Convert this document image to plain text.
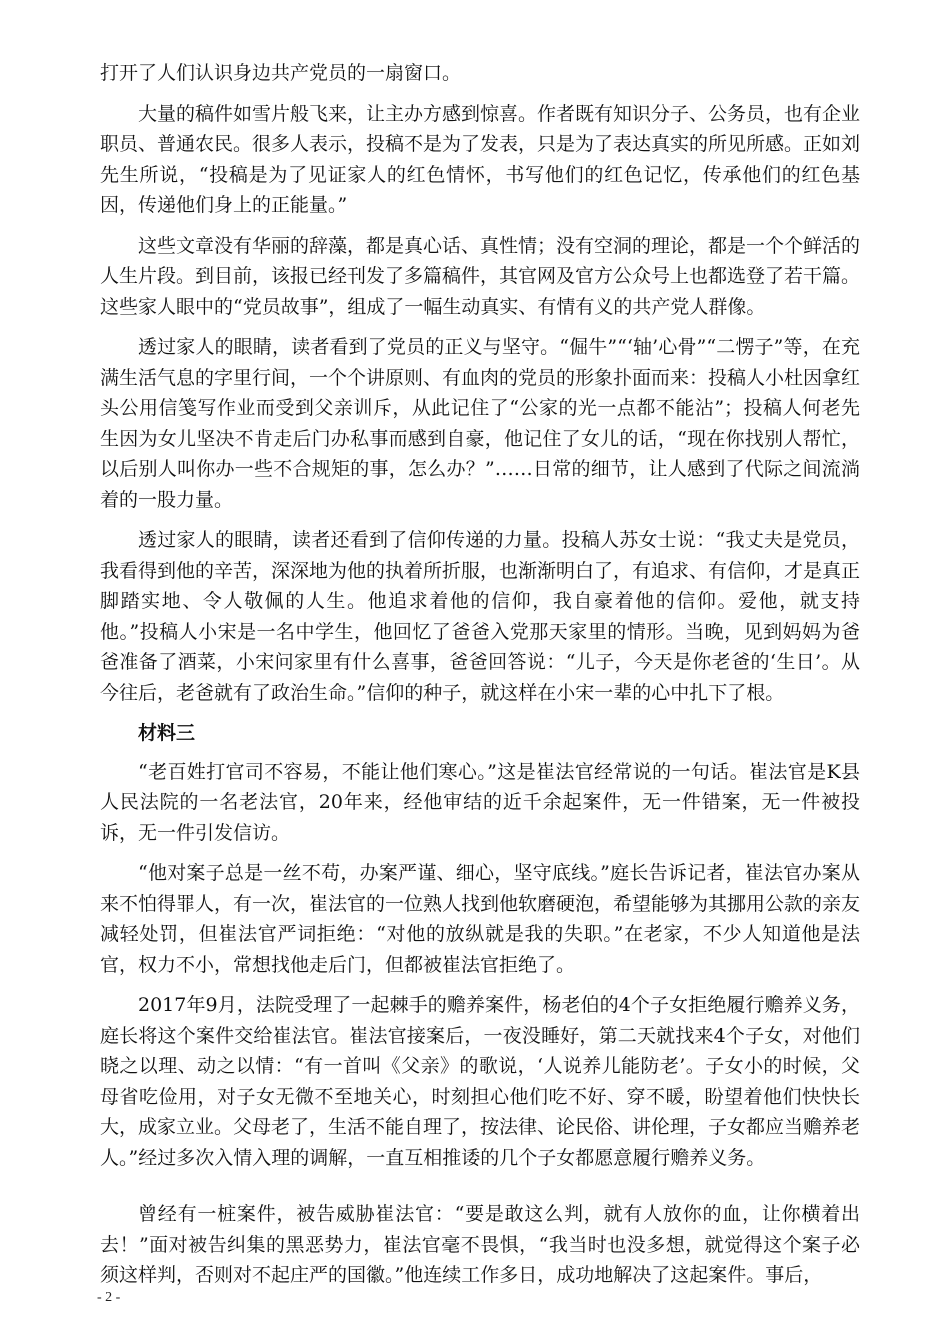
打开了人们认识身边共产党员的一扇窗口。

大量的稿件如雪片般飞来，让主办方感到惊喜。作者既有知识分子、公务员，也有企业职员、普通农民。很多人表示，投稿不是为了发表，只是为了表达真实的所见所感。正如刘先生所说，“投稿是为了见证家人的红色情怀，书写他们的红色记忆，传承他们的红色基因，传递他们身上的正能量。”

这些文章没有华丽的辞藻，都是真心话、真性情；没有空洞的理论，都是一个个鲜活的人生片段。到目前，该报已经刊发了多篇稿件，其官网及官方公众号上也都选登了若干篇。这些家人眼中的“党员故事”，组成了一幅生动真实、有情有义的共产党人群像。

透过家人的眼睛，读者看到了党员的正义与坚守。“倔牛”“‘轴’心骨”“二愣子”等，在充满生活气息的字里行间，一个个讲原则、有血肉的党员的形象扑面而来：投稿人小杜因拿红头公用信笺写作业而受到父亲训斥，从此记住了“公家的光一点都不能沾”；投稿人何老先生因为女儿坚决不肯走后门办私事而感到自豪，他记住了女儿的话，“现在你找别人帮忙，以后别人叫你办一些不合规矩的事，怎么办？”……日常的细节，让人感到了代际之间流淌着的一股力量。

透过家人的眼睛，读者还看到了信仰传递的力量。投稿人苏女士说：“我丈夫是党员，我看得到他的辛苦，深深地为他的执着所折服，也渐渐明白了，有追求、有信仰，才是真正脚踏实地、令人敬佩的人生。他追求着他的信仰，我自豪着他的信仰。爱他，就支持他。”投稿人小宋是一名中学生，他回忆了爸爸入党那天家里的情形。当晚，见到妈妈为爸爸准备了酒菜，小宋问家里有什么喜事，爸爸回答说：“儿子，今天是你老爸的‘生日’。从今往后，老爸就有了政治生命。”信仰的种子，就这样在小宋一辈的心中扎下了根。

材料三

“老百姓打官司不容易，不能让他们寒心。”这是崔法官经常说的一句话。崔法官是K县人民法院的一名老法官，20年来，经他审结的近千余起案件，无一件错案，无一件被投诉，无一件引发信访。

“他对案子总是一丝不苟，办案严谨、细心，坚守底线。”庭长告诉记者，崔法官办案从来不怕得罪人，有一次，崔法官的一位熟人找到他软磨硬泡，希望能够为其挪用公款的亲友减轻处罚，但崔法官严词拒绝：“对他的放纵就是我的失职。”在老家，不少人知道他是法官，权力不小，常想找他走后门，但都被崔法官拒绝了。

2017年9月，法院受理了一起棘手的赡养案件，杨老伯的4个子女拒绝履行赡养义务，庭长将这个案件交给崔法官。崔法官接案后，一夜没睡好，第二天就找来4个子女，对他们晓之以理、动之以情：“有一首叫《父亲》的歌说，‘人说养儿能防老’。子女小的时候，父母省吃俭用，对子女无微不至地关心，时刻担心他们吃不好、穿不暖，盼望着他们快快长大，成家立业。父母老了，生活不能自理了，按法律、论民俗、讲伦理，子女都应当赡养老人。”经过多次入情入理的调解，一直互相推诿的几个子女都愿意履行赡养义务。

曾经有一桩案件，被告威胁崔法官：“要是敢这么判，就有人放你的血，让你横着出去！”面对被告纠集的黑恶势力，崔法官毫不畏惧，“我当时也没多想，就觉得这个案子必须这样判，否则对不起庄严的国徽。”他连续工作多日，成功地解决了这起案件。事后，

- 2 -
